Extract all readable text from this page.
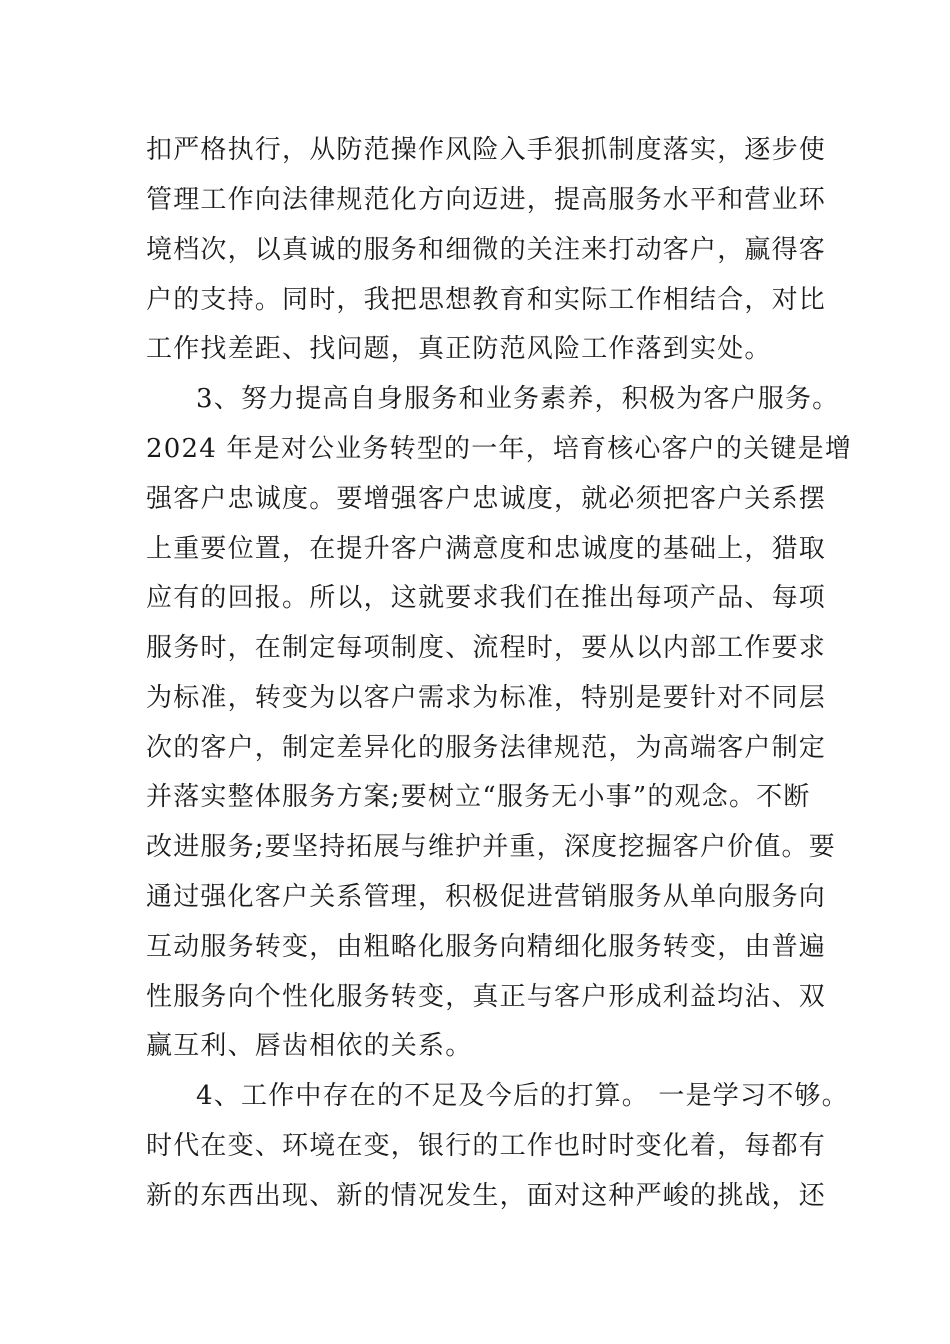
扣严格执行，从防范操作风险入手狠抓制度落实，逐步使
管理工作向法律规范化方向迈进，提高服务水平和营业环
境档次，以真诚的服务和细微的关注来打动客户，赢得客
户的支持。同时，我把思想教育和实际工作相结合，对比
工作找差距、找问题，真正防范风险工作落到实处。
3、努力提高自身服务和业务素养，积极为客户服务。
2024 年是对公业务转型的一年，培育核心客户的关键是增
强客户忠诚度。要增强客户忠诚度，就必须把客户关系摆
上重要位置，在提升客户满意度和忠诚度的基础上，猎取
应有的回报。所以，这就要求我们在推出每项产品、每项
服务时，在制定每项制度、流程时，要从以内部工作要求
为标准，转变为以客户需求为标准，特别是要针对不同层
次的客户，制定差异化的服务法律规范，为高端客户制定
并落实整体服务方案;要树立“服务无小事”的观念。不断
改进服务;要坚持拓展与维护并重，深度挖掘客户价值。要
通过强化客户关系管理，积极促进营销服务从单向服务向
互动服务转变，由粗略化服务向精细化服务转变，由普遍
性服务向个性化服务转变，真正与客户形成利益均沾、双
赢互利、唇齿相依的关系。
4、工作中存在的不足及今后的打算。 一是学习不够。
时代在变、环境在变，银行的工作也时时变化着，每都有
新的东西出现、新的情况发生，面对这种严峻的挑战，还
